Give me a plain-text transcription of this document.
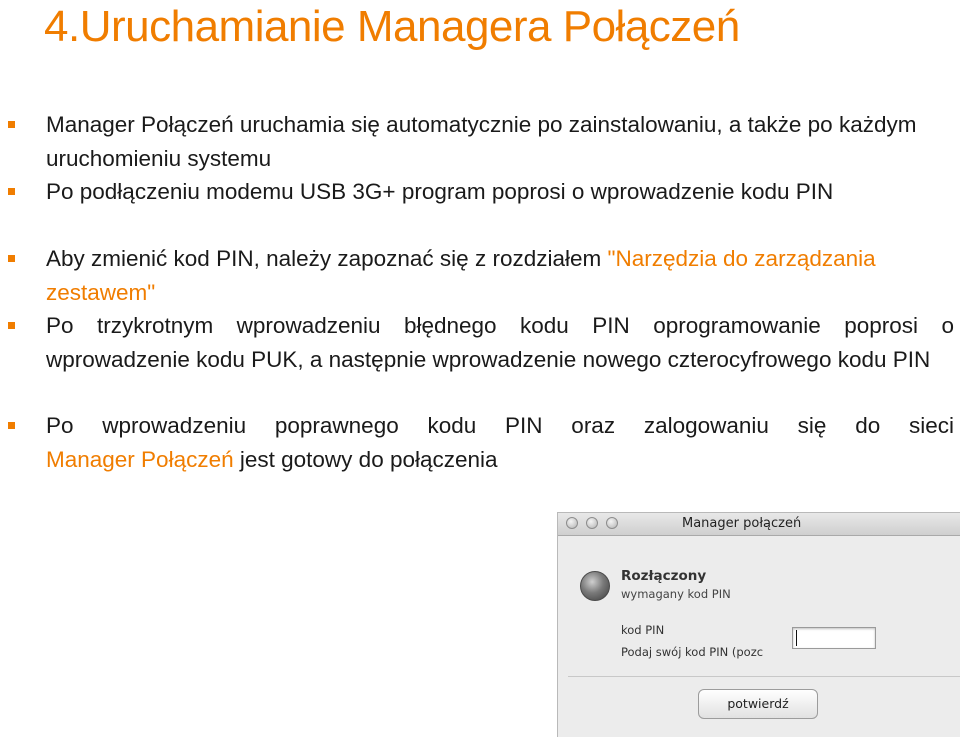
4.Uruchamianie Managera Połączeń
Manager Połączeń uruchamia się automatycznie po zainstalowaniu, a także po każdym uruchomieniu systemu
Po podłączeniu modemu USB 3G+ program poprosi o wprowadzenie kodu PIN
Aby zmienić kod PIN, należy zapoznać się z rozdziałem "Narzędzia do zarządzania zestawem"
Po trzykrotnym wprowadzeniu błędnego kodu PIN oprogramowanie poprosi o wprowadzenie kodu PUK, a następnie wprowadzenie nowego czterocyfrowego kodu PIN
Po wprowadzeniu poprawnego kodu PIN oraz zalogowaniu się do sieci
Manager Połączeń jest gotowy do połączenia
Manager połączeń
Rozłączony
wymagany kod PIN
kod PIN
Podaj swój kod PIN (pozc
potwierdź
